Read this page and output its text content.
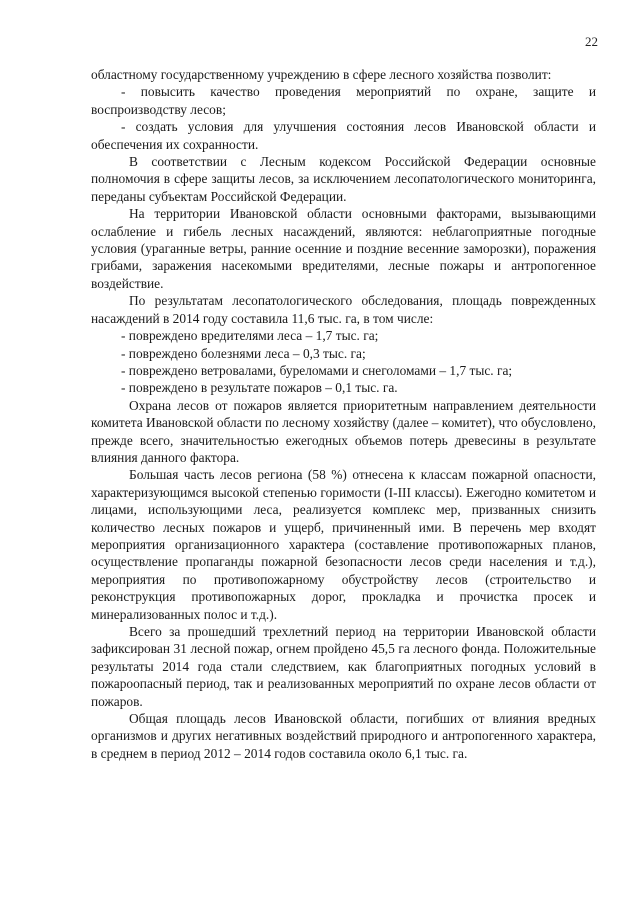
22

областному государственному учреждению в сфере лесного хозяйства позволит:

- повысить качество проведения мероприятий по охране, защите и воспроизводству лесов;

- создать условия для улучшения состояния лесов Ивановской области и обеспечения их сохранности.

В соответствии с Лесным кодексом Российской Федерации основные полномочия в сфере защиты лесов, за исключением лесопатологического мониторинга, переданы субъектам Российской Федерации.

На территории Ивановской области основными факторами, вызывающими ослабление и гибель лесных насаждений, являются: неблагоприятные погодные условия (ураганные ветры, ранние осенние и поздние весенние заморозки), поражения грибами, заражения насекомыми вредителями, лесные пожары и антропогенное воздействие.

По результатам лесопатологического обследования, площадь поврежденных насаждений в 2014 году составила 11,6 тыс. га, в том числе:

- повреждено вредителями леса – 1,7 тыс. га;

- повреждено болезнями леса – 0,3 тыс. га;

- повреждено ветровалами, буреломами и снеголомами – 1,7 тыс. га;

- повреждено в результате пожаров – 0,1 тыс. га.

Охрана лесов от пожаров является приоритетным направлением деятельности комитета Ивановской области по лесному хозяйству (далее – комитет), что обусловлено, прежде всего, значительностью ежегодных объемов потерь древесины в результате влияния данного фактора.

Большая часть лесов региона (58 %) отнесена к классам пожарной опасности, характеризующимся высокой степенью горимости (I-III классы). Ежегодно комитетом и лицами, использующими леса, реализуется комплекс мер, призванных снизить количество лесных пожаров и ущерб, причиненный ими. В перечень мер входят мероприятия организационного характера (составление противопожарных планов, осуществление пропаганды пожарной безопасности лесов среди населения и т.д.), мероприятия по противопожарному обустройству лесов (строительство и реконструкция противопожарных дорог, прокладка и прочистка просек и минерализованных полос и т.д.).

Всего за прошедший трехлетний период на территории Ивановской области зафиксирован 31 лесной пожар, огнем пройдено 45,5 га лесного фонда. Положительные результаты 2014 года стали следствием, как благоприятных погодных условий в пожароопасный период, так и реализованных мероприятий по охране лесов области от пожаров.

Общая площадь лесов Ивановской области, погибших от влияния вредных организмов и других негативных воздействий природного и антропогенного характера, в среднем в период 2012 – 2014 годов составила около 6,1 тыс. га.
